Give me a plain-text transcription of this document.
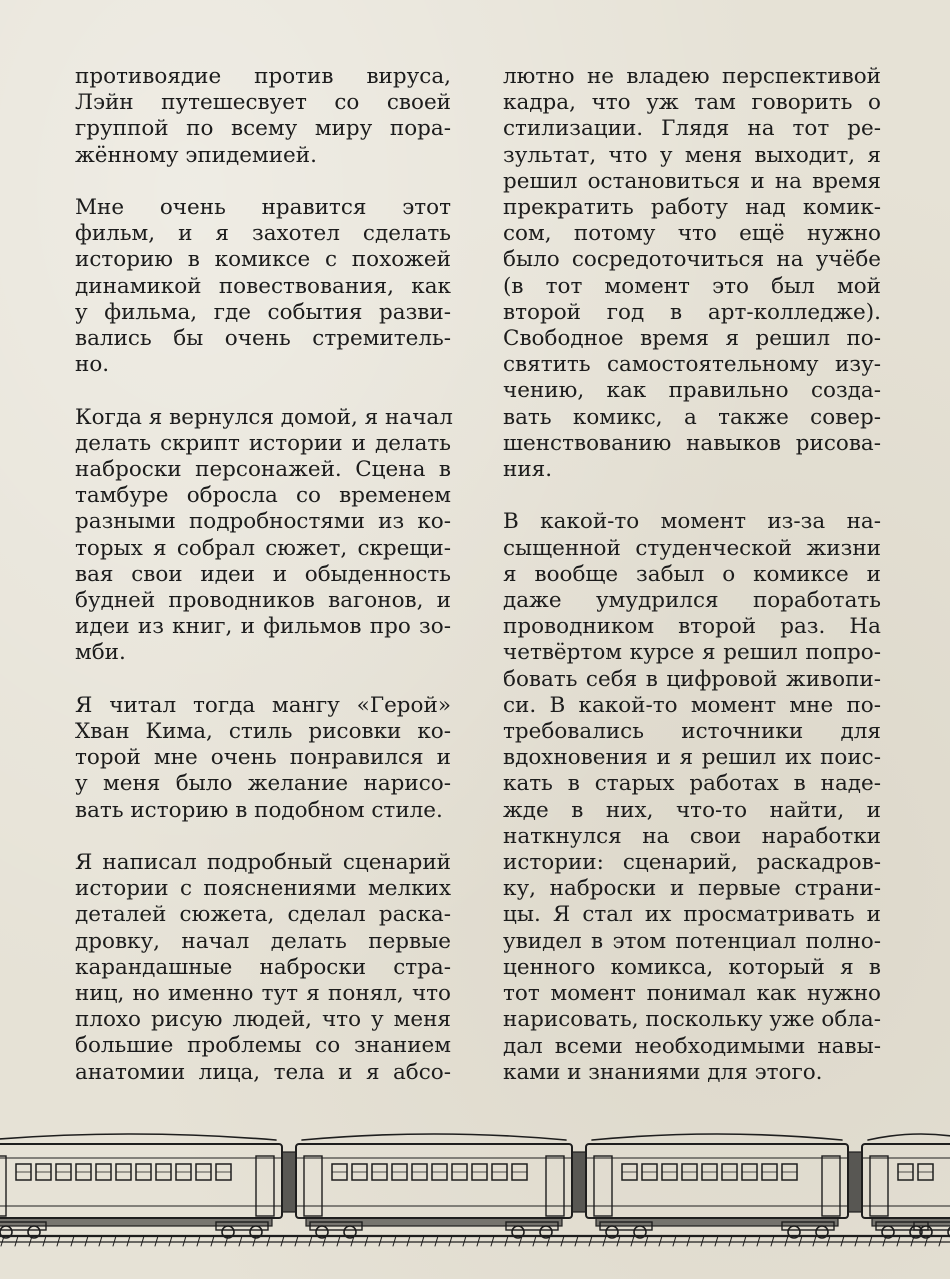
противоядие против вируса,
Лэйн путешесвует со своей
группой по всему миру пора-
жённому эпидемией.
Мне очень нравится этот
фильм, и я захотел сделать
историю в комиксе с похожей
динамикой повествования, как
у фильма, где события разви-
вались бы очень стремитель-
но.
Когда я вернулся домой, я начал
делать скрипт истории и делать
наброски персонажей. Сцена в
тамбуре обросла со временем
разными подробностями из ко-
торых я собрал сюжет, скрещи-
вая свои идеи и обыденность
будней проводников вагонов, и
идеи из книг, и фильмов про зо-
мби.
Я читал тогда мангу «Герой»
Хван Кима, стиль рисовки ко-
торой мне очень понравился и
у меня было желание нарисо-
вать историю в подобном стиле.
Я написал подробный сценарий
истории с пояснениями мелких
деталей сюжета, сделал раска-
дровку, начал делать первые
карандашные наброски стра-
ниц, но именно тут я понял, что
плохо рисую людей, что у меня
большие проблемы со знанием
анатомии лица, тела и я абсо-
лютно не владею перспективой
кадра, что уж там говорить о
стилизации. Глядя на тот ре-
зультат, что у меня выходит, я
решил остановиться и на время
прекратить работу над комик-
сом, потому что ещё нужно
было сосредоточиться на учёбе
(в тот момент это был мой
второй год в арт-колледже).
Свободное время я решил по-
святить самостоятельному изу-
чению, как правильно созда-
вать комикс, а также совер-
шенствованию навыков рисова-
ния.
В какой-то момент из-за на-
сыщенной студенческой жизни
я вообще забыл о комиксе и
даже умудрился поработать
проводником второй раз. На
четвёртом курсе я решил попро-
бовать себя в цифровой живопи-
си. В какой-то момент мне по-
требовались источники для
вдохновения и я решил их поис-
кать в старых работах в наде-
жде в них, что-то найти, и
наткнулся на свои наработки
истории: сценарий, раскадров-
ку, наброски и первые страни-
цы. Я стал их просматривать и
увидел в этом потенциал полно-
ценного комикса, который я в
тот момент понимал как нужно
нарисовать, поскольку уже обла-
дал всеми необходимыми навы-
ками и знаниями для этого.
